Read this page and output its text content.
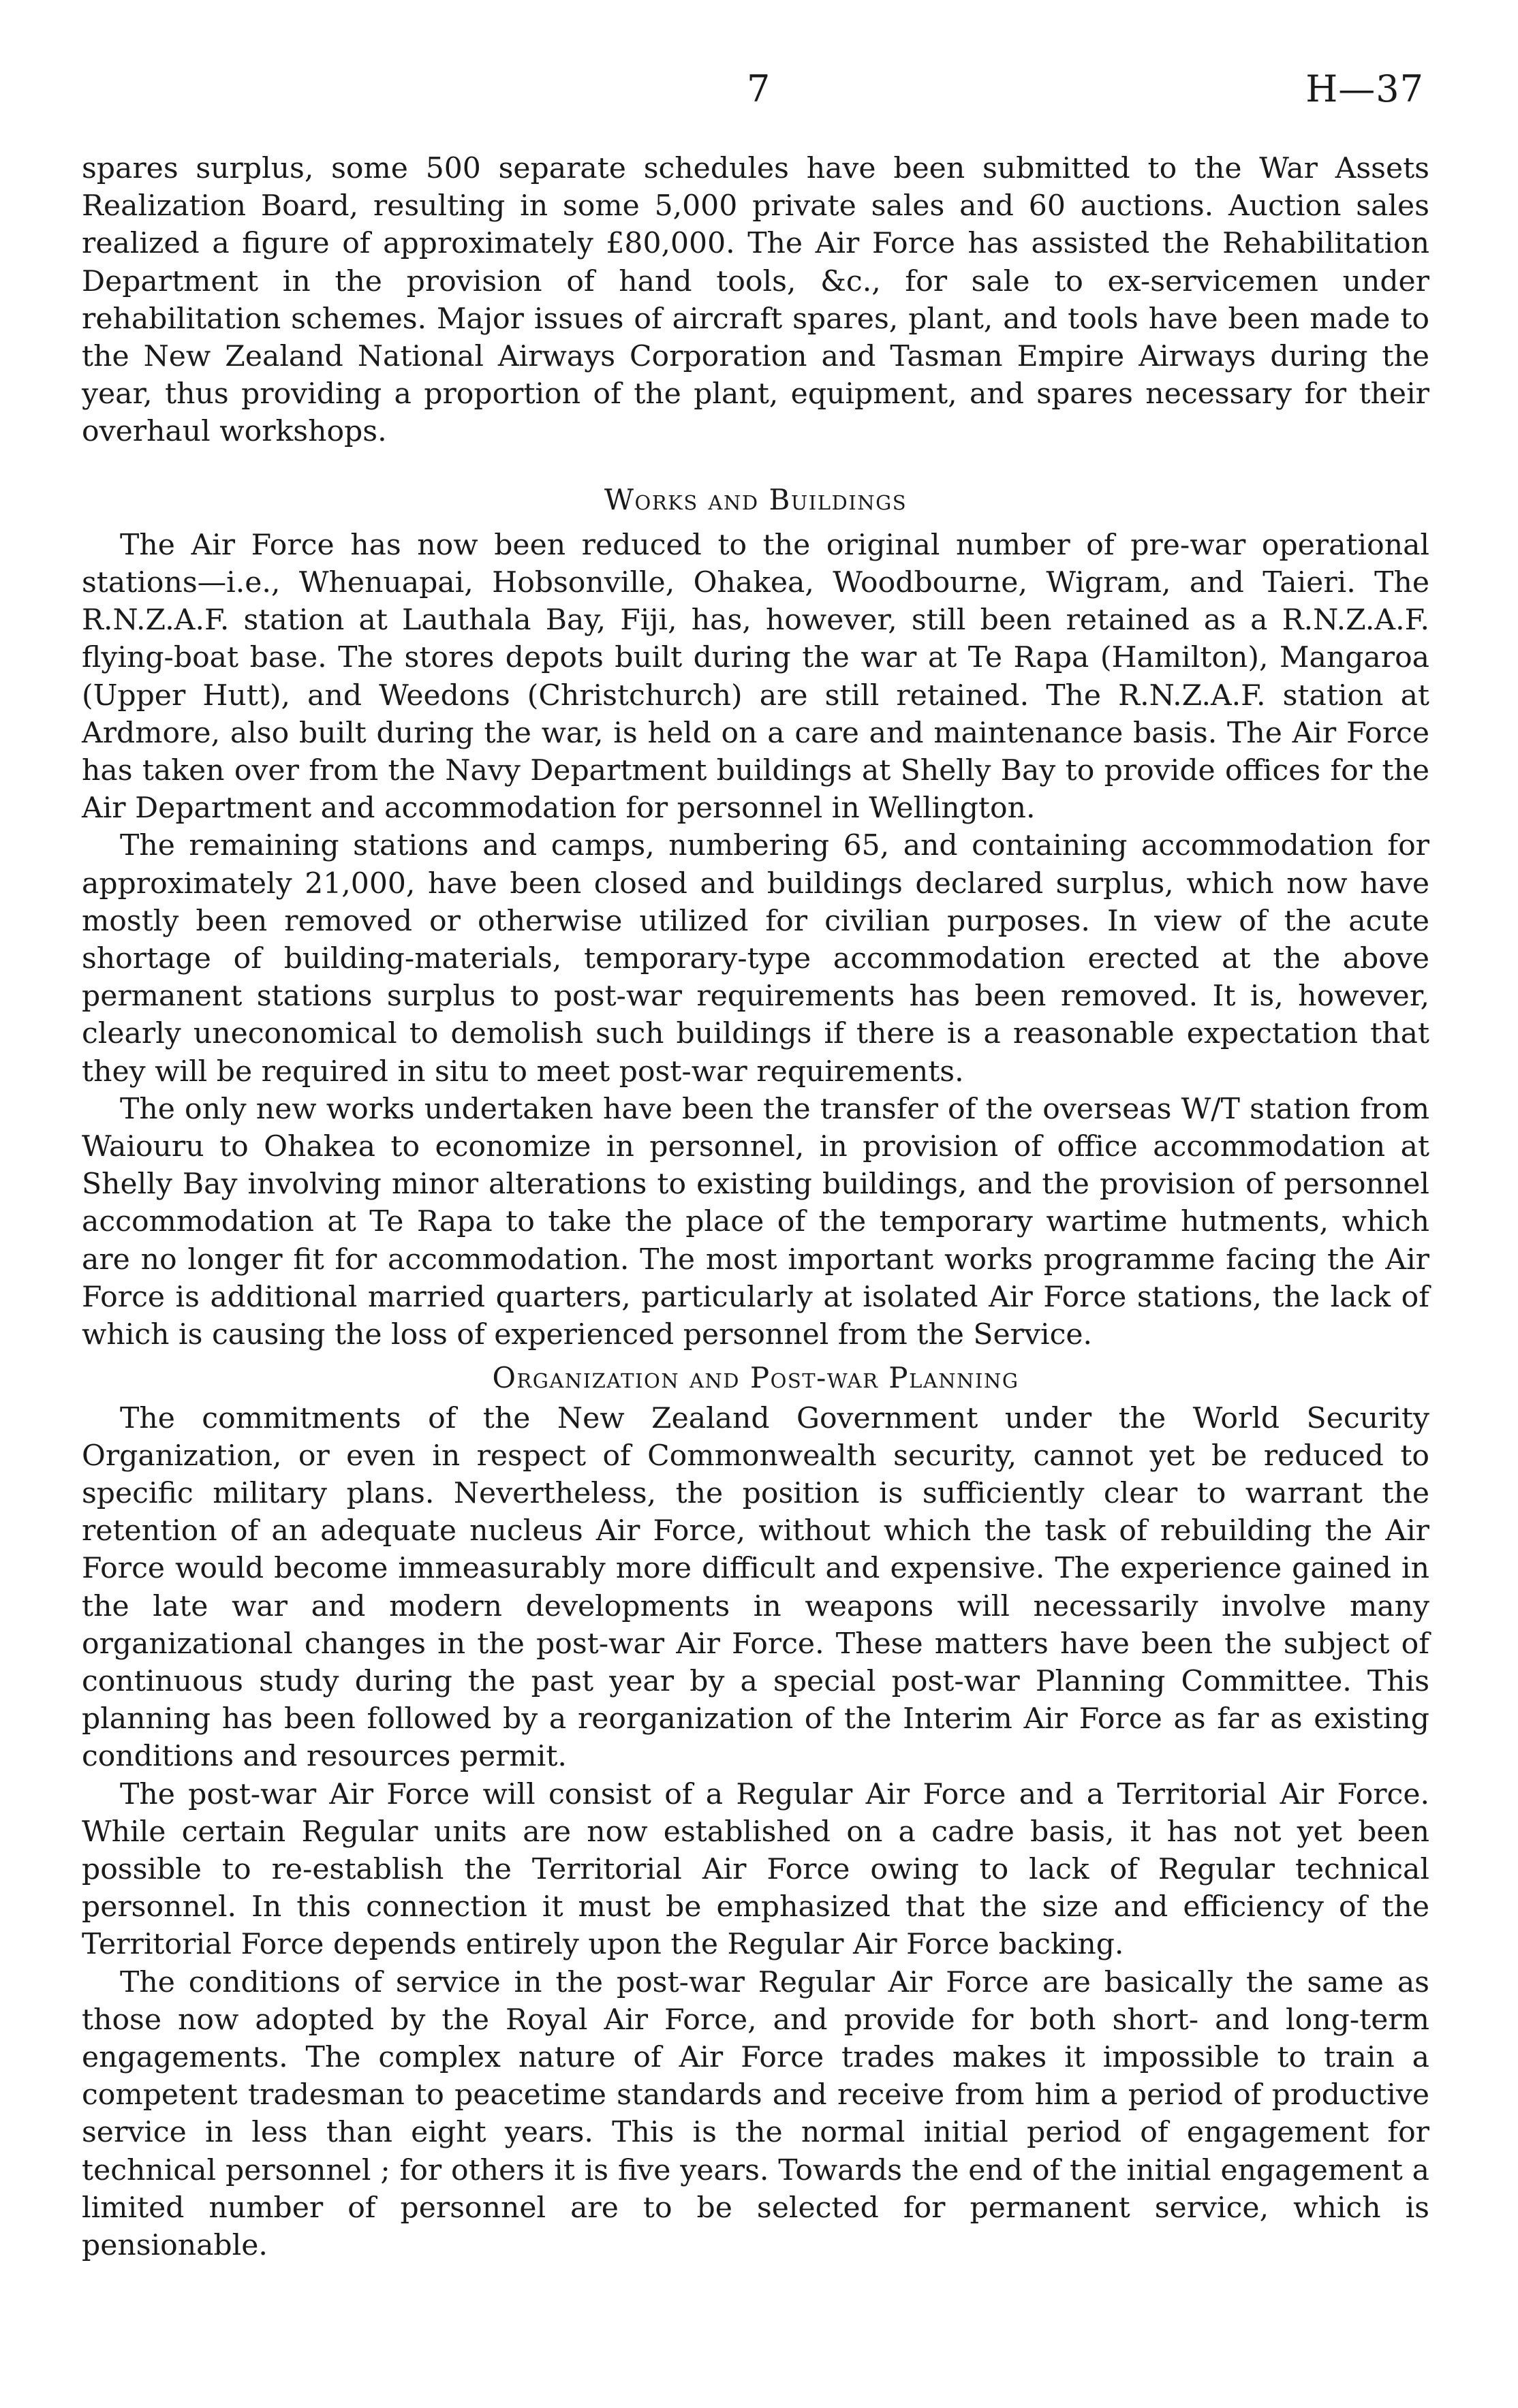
7	H—37

spares surplus, some 500 separate schedules have been submitted to the War Assets Realization Board, resulting in some 5,000 private sales and 60 auctions. Auction sales realized a figure of approximately £80,000. The Air Force has assisted the Rehabilitation Department in the provision of hand tools, &c., for sale to ex-servicemen under rehabilitation schemes. Major issues of aircraft spares, plant, and tools have been made to the New Zealand National Airways Corporation and Tasman Empire Airways during the year, thus providing a proportion of the plant, equipment, and spares necessary for their overhaul workshops.

Works and Buildings

The Air Force has now been reduced to the original number of pre-war operational stations—i.e., Whenuapai, Hobsonville, Ohakea, Woodbourne, Wigram, and Taieri. The R.N.Z.A.F. station at Lauthala Bay, Fiji, has, however, still been retained as a R.N.Z.A.F. flying-boat base. The stores depots built during the war at Te Rapa (Hamilton), Mangaroa (Upper Hutt), and Weedons (Christchurch) are still retained. The R.N.Z.A.F. station at Ardmore, also built during the war, is held on a care and maintenance basis. The Air Force has taken over from the Navy Department buildings at Shelly Bay to provide offices for the Air Department and accommodation for personnel in Wellington.

The remaining stations and camps, numbering 65, and containing accommodation for approximately 21,000, have been closed and buildings declared surplus, which now have mostly been removed or otherwise utilized for civilian purposes. In view of the acute shortage of building-materials, temporary-type accommodation erected at the above permanent stations surplus to post-war requirements has been removed. It is, however, clearly uneconomical to demolish such buildings if there is a reasonable expectation that they will be required in situ to meet post-war requirements.

The only new works undertaken have been the transfer of the overseas W/T station from Waiouru to Ohakea to economize in personnel, in provision of office accommodation at Shelly Bay involving minor alterations to existing buildings, and the provision of personnel accommodation at Te Rapa to take the place of the temporary wartime hutments, which are no longer fit for accommodation. The most important works programme facing the Air Force is additional married quarters, particularly at isolated Air Force stations, the lack of which is causing the loss of experienced personnel from the Service.

Organization and Post-war Planning

The commitments of the New Zealand Government under the World Security Organization, or even in respect of Commonwealth security, cannot yet be reduced to specific military plans. Nevertheless, the position is sufficiently clear to warrant the retention of an adequate nucleus Air Force, without which the task of rebuilding the Air Force would become immeasurably more difficult and expensive. The experience gained in the late war and modern developments in weapons will necessarily involve many organizational changes in the post-war Air Force. These matters have been the subject of continuous study during the past year by a special post-war Planning Committee. This planning has been followed by a reorganization of the Interim Air Force as far as existing conditions and resources permit.

The post-war Air Force will consist of a Regular Air Force and a Territorial Air Force. While certain Regular units are now established on a cadre basis, it has not yet been possible to re-establish the Territorial Air Force owing to lack of Regular technical personnel. In this connection it must be emphasized that the size and efficiency of the Territorial Force depends entirely upon the Regular Air Force backing.

The conditions of service in the post-war Regular Air Force are basically the same as those now adopted by the Royal Air Force, and provide for both short- and long-term engagements. The complex nature of Air Force trades makes it impossible to train a competent tradesman to peacetime standards and receive from him a period of productive service in less than eight years. This is the normal initial period of engagement for technical personnel ; for others it is five years. Towards the end of the initial engagement a limited number of personnel are to be selected for permanent service, which is pensionable.
